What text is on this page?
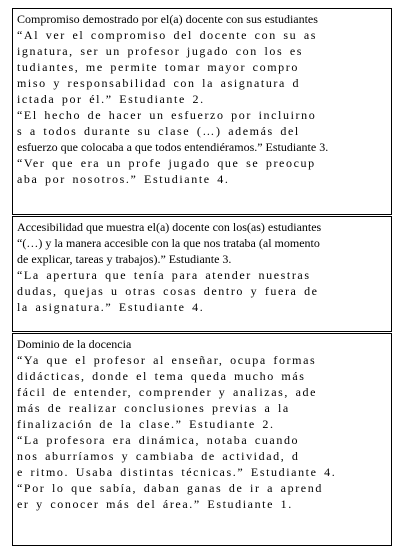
Compromiso demostrado por el(a) docente con sus estudiantes
“Al ver el compromiso del docente con su as
ignatura, ser un profesor jugado con los es
tudiantes, me permite tomar mayor compro
miso y responsabilidad con la asignatura d
ictada por él.” Estudiante 2.
“El hecho de hacer un esfuerzo por incluirno
s a todos durante su clase (…) además del
esfuerzo que colocaba a que todos entendiéramos.” Estudiante 3.
“Ver que era un profe jugado que se preocup
aba por nosotros.” Estudiante 4.
Accesibilidad que muestra el(a) docente con los(as) estudiantes
“(…) y la manera accesible con la que nos trataba (al momento
de explicar, tareas y trabajos).” Estudiante 3.
“La apertura que tenía para atender nuestras
dudas, quejas u otras cosas dentro y fuera de
la asignatura.” Estudiante 4.
Dominio de la docencia
“Ya que el profesor al enseñar, ocupa formas
didácticas, donde el tema queda mucho más
fácil de entender, comprender y analizas, ade
más de realizar conclusiones previas a la
finalización de la clase.” Estudiante 2.
“La profesora era dinámica, notaba cuando
nos aburríamos y cambiaba de actividad, d
e ritmo. Usaba distintas técnicas.” Estudiante 4.
“Por lo que sabía, daban ganas de ir a aprend
er y conocer más del área.” Estudiante 1.
